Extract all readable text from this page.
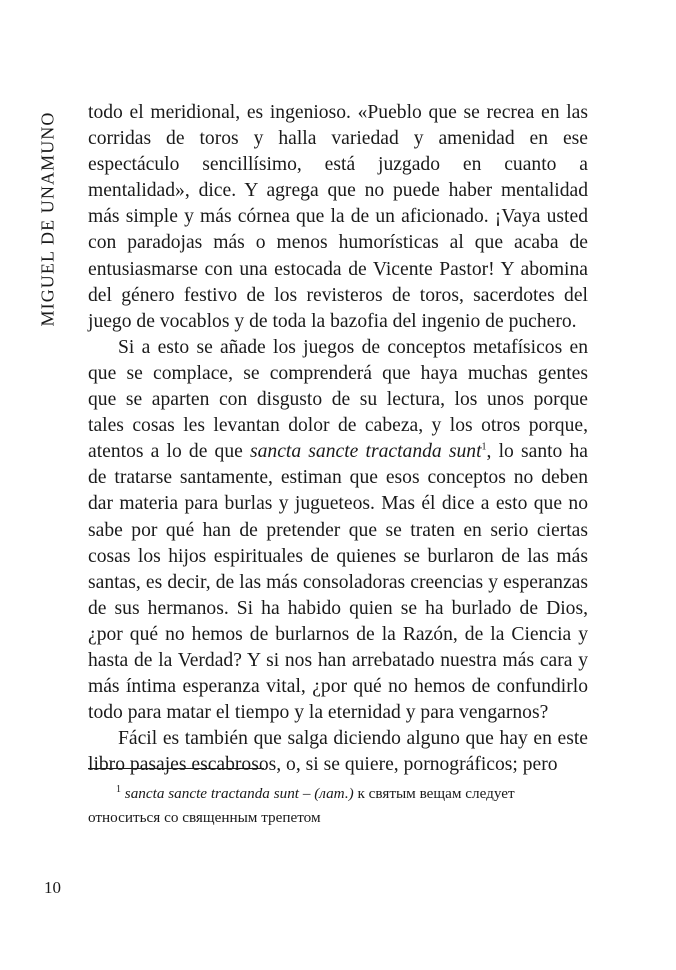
MIGUEL DE UNAMUNO todo el meridional, es ingenioso. «Pueblo que se recrea en las
corridas de toros y halla variedad y amenidad en ese
espectáculo sencillísimo, está juzgado en cuanto a
mentalidad», dice. Y agrega que no puede haber mentalidad
más simple y más córnea que la de un aficionado. ¡Vaya usted
con paradojas más o menos humorísticas al que acaba de
entusiasmarse con una estocada de Vicente Pastor! Y abomina
del género festivo de los revisteros de toros, sacerdotes del
juego de vocablos y de toda la bazofia del ingenio de puchero.
Si a esto se añade los juegos de conceptos metafísicos en
que se complace, se comprenderá que haya muchas gentes
que se aparten con disgusto de su lectura, los unos porque
tales cosas les levantan dolor de cabeza, y los otros porque,
atentos a lo de que sancta sancte tractanda sunt$^1$, lo santo ha
de tratarse santamente, estiman que esos conceptos no deben
dar materia para burlas y jugueteos. Mas él dice a esto que no
sabe por qué han de pretender que se traten en serio ciertas
cosas los hijos espirituales de quienes se burlaron de las más
santas, es decir, de las más consoladoras creencias y esperanzas
de sus hermanos. Si ha habido quien se ha burlado de Dios,
¿por qué no hemos de burlarnos de la Razón, de la Ciencia y
hasta de la Verdad? Y si nos han arrebatado nuestra más cara y
más íntima esperanza vital, ¿por qué no hemos de confundirlo
todo para matar el tiempo y la eternidad y para vengarnos?
Fácil es también que salga diciendo alguno que hay en este
libro pasajes escabrosos, o, si se quiere, pornográficos; pero
$^1$ sancta sancte tractanda sunt – (лат.) к святым вещам следует
относиться со священным трепетом
10
